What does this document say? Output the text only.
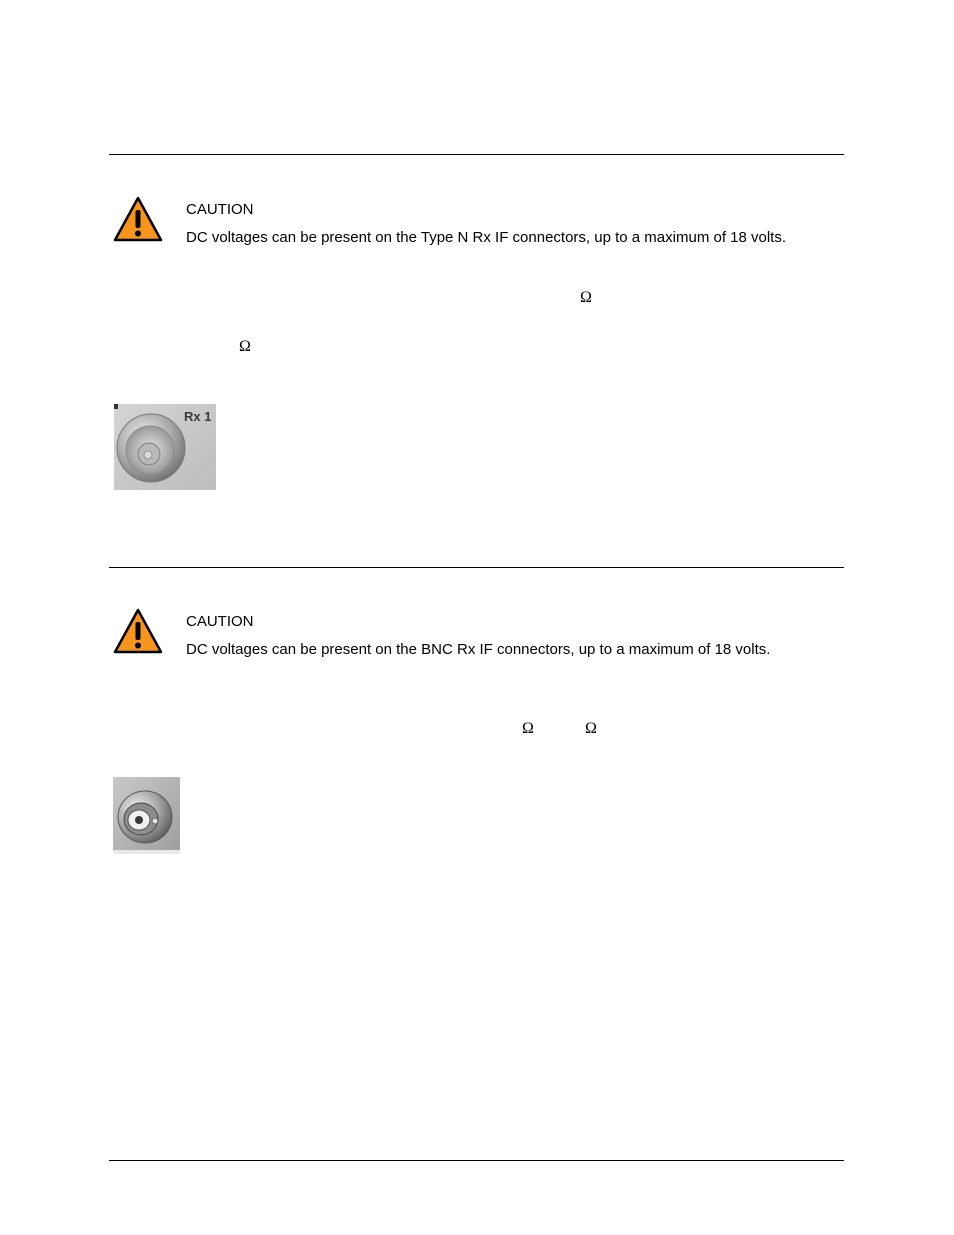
CAUTION
DC voltages can be present on the Type N Rx IF connectors, up to a maximum of 18 volts.
Ω
Ω
Rx 1
CAUTION
DC voltages can be present on the BNC Rx IF connectors, up to a maximum of 18 volts.
Ω	Ω
